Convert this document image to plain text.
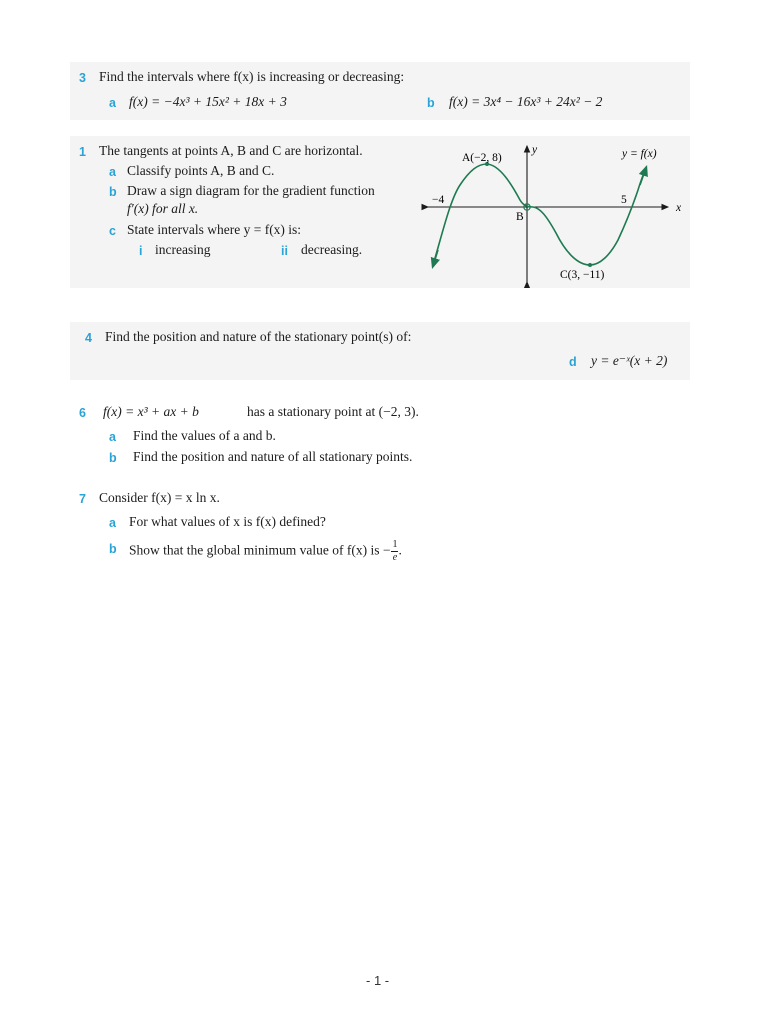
3 Find the intervals where f(x) is increasing or decreasing:
a f(x) = −4x³ + 15x² + 18x + 3	b f(x) = 3x⁴ − 16x³ + 24x² − 2
1 The tangents at points A, B and C are horizontal.
a Classify points A, B and C.
b Draw a sign diagram for the gradient function
f′(x) for all x.
c State intervals where y = f(x) is:
i increasing	ii decreasing.
A(−2, 8)
B
C(3, −11)
−4	5
y
x
y = f(x)
4 Find the position and nature of the stationary point(s) of:
d y = e⁻ˣ(x + 2)
6 f(x) = x³ + ax + b	has a stationary point at (−2, 3).
a Find the values of a and b.
b Find the position and nature of all stationary points.
7 Consider f(x) = x ln x.
a For what values of x is f(x) defined?
b Show that the global minimum value of f(x) is − $\frac{1}{e}$ .
- 1 -
